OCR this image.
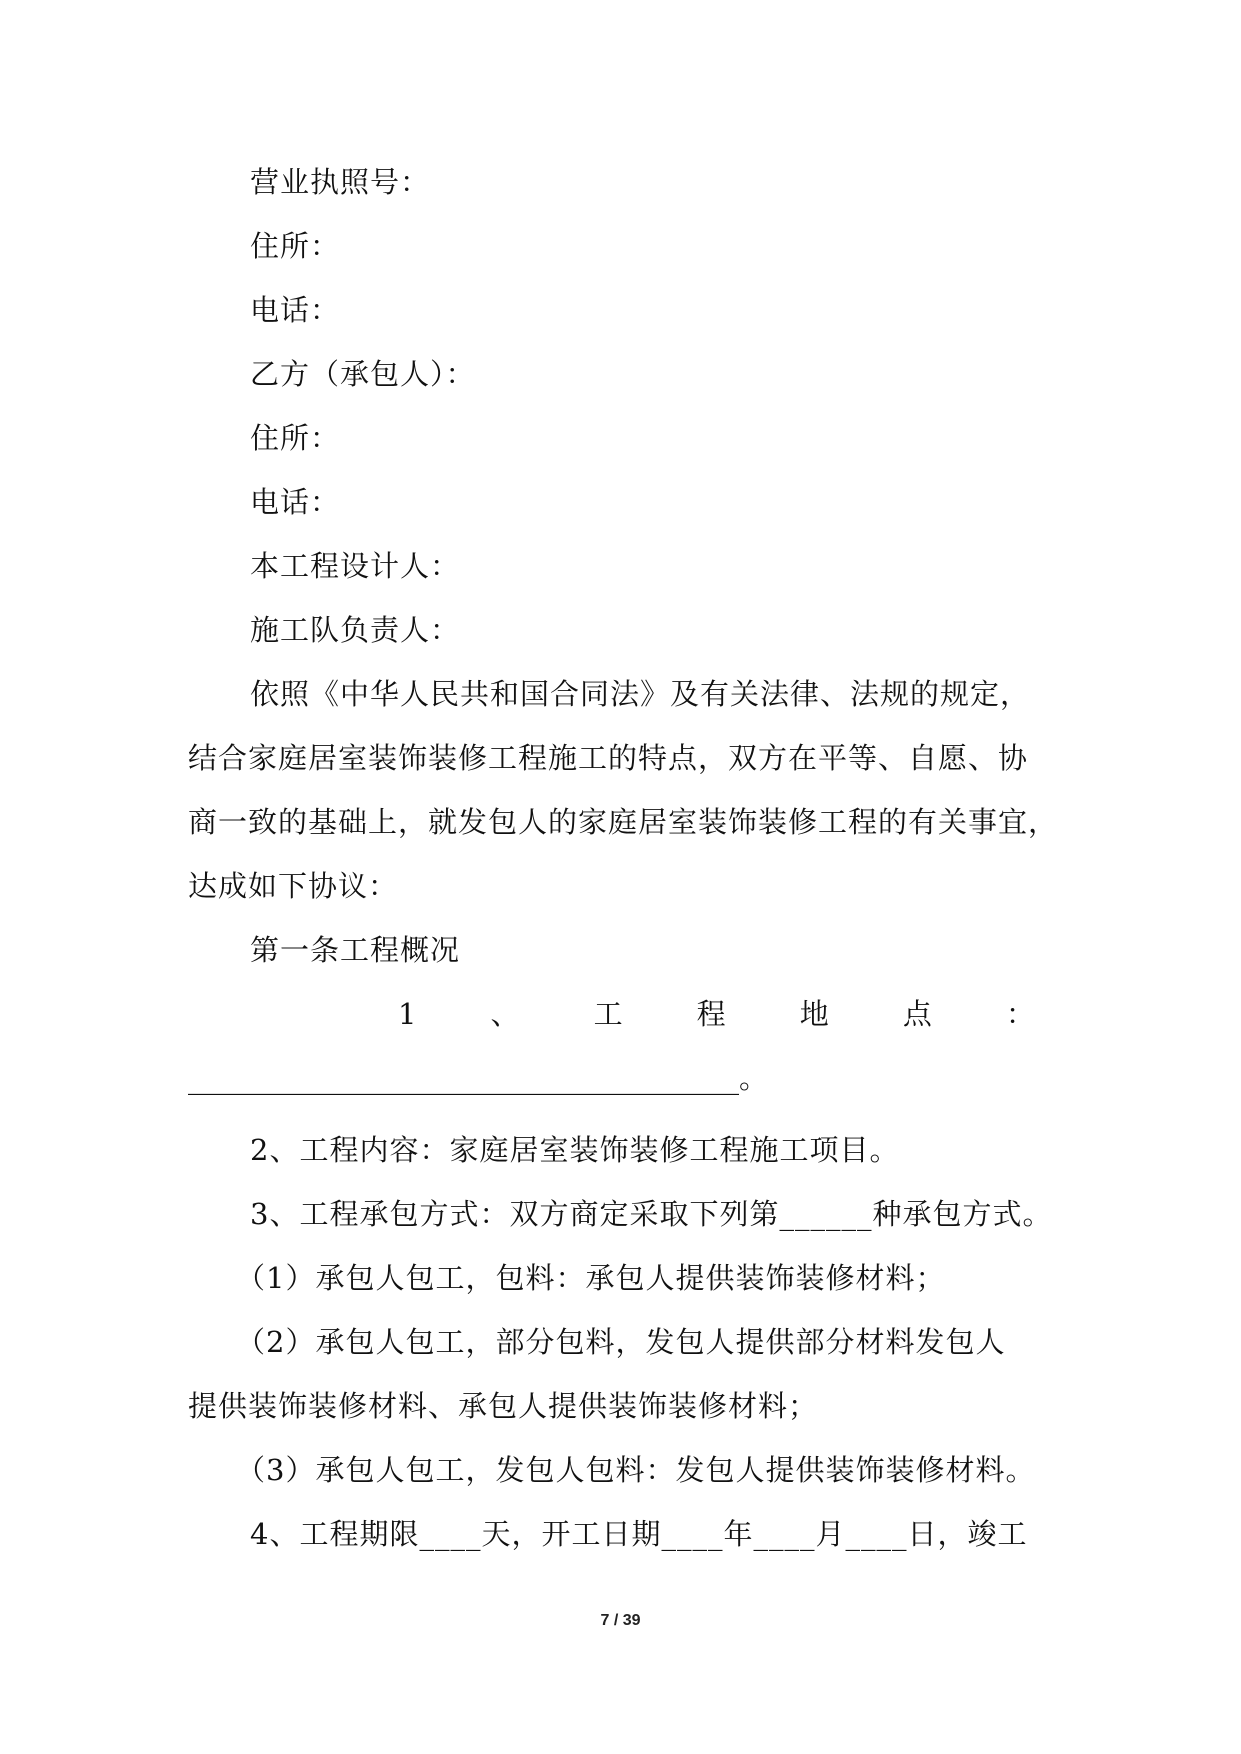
营业执照号：
住所：
电话：
乙方（承包人）：
住所：
电话：
本工程设计人：
施工队负责人：
依照《中华人民共和国合同法》及有关法律、法规的规定，
结合家庭居室装饰装修工程施工的特点，双方在平等、自愿、协
商一致的基础上，就发包人的家庭居室装饰装修工程的有关事宜，
达成如下协议：
第一条工程概况
1	、	工	程	地	点	：
______________________________________。
2、工程内容：家庭居室装饰装修工程施工项目。
3、工程承包方式：双方商定采取下列第______种承包方式。
（1）承包人包工，包料：承包人提供装饰装修材料；
（2）承包人包工，部分包料，发包人提供部分材料发包人
提供装饰装修材料、承包人提供装饰装修材料；
（3）承包人包工，发包人包料：发包人提供装饰装修材料。
4、工程期限____天，开工日期____年____月____日，竣工
7 / 39
